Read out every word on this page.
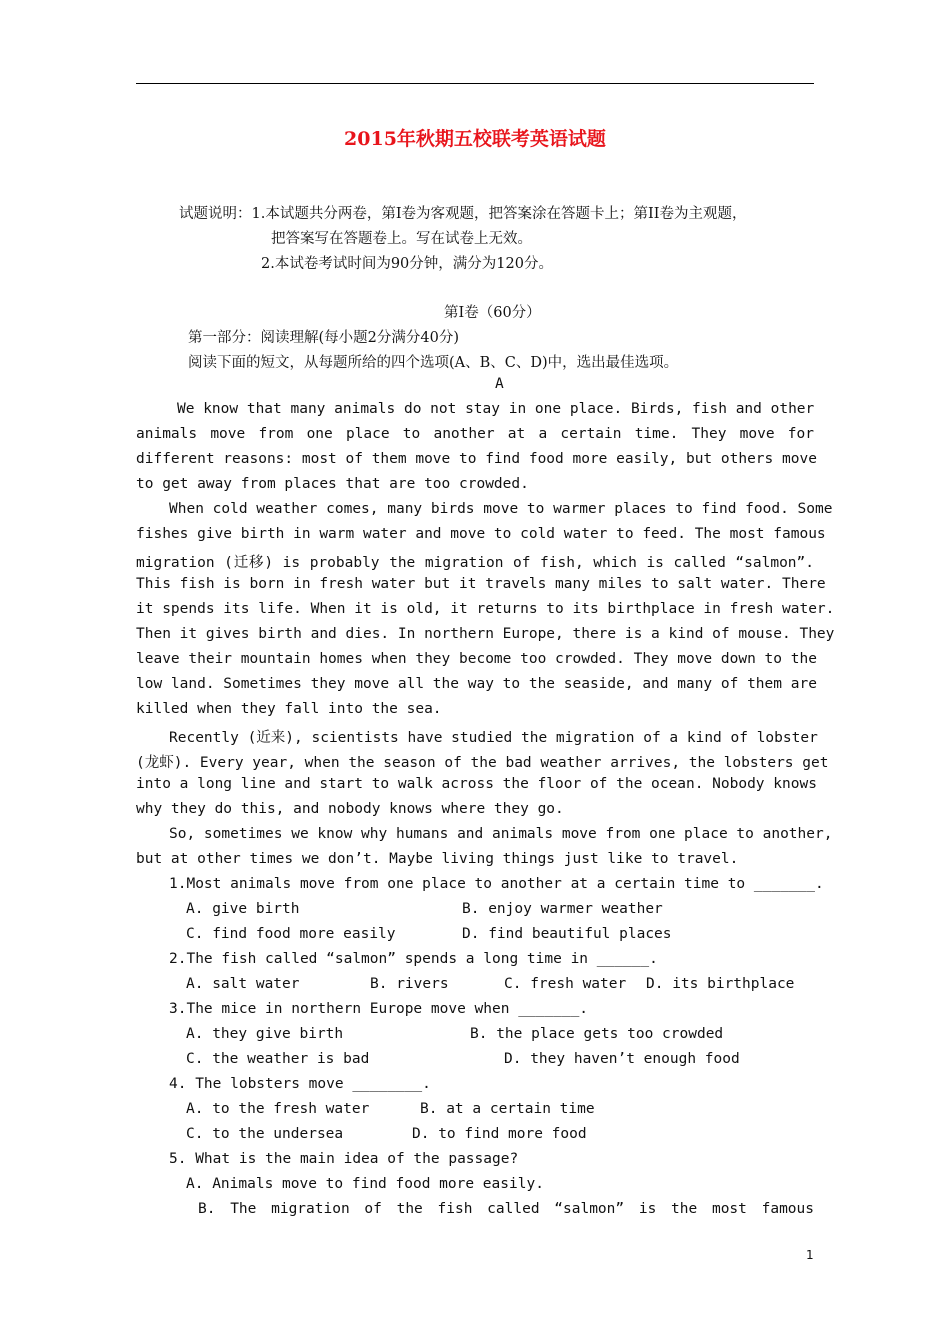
2015年秋期五校联考英语试题
试题说明：1.本试题共分两卷，第Ⅰ卷为客观题，把答案涂在答题卡上；第II卷为主观题，
把答案写在答题卷上。写在试卷上无效。
2.本试卷考试时间为90分钟，满分为120分。
第Ⅰ卷（60分）
第一部分：阅读理解(每小题2分满分40分)
阅读下面的短文，从每题所给的四个选项(A、B、C、D)中，选出最佳选项。
A
We know that many animals do not stay in one place. Birds, fish and other
animals move from one place to another at a certain time. They move for
different reasons: most of them move to find food more easily, but others move
to get away from places that are too crowded.
When cold weather comes, many birds move to warmer places to find food. Some
fishes give birth in warm water and move to cold water to feed. The most famous
migration (迁移) is probably the migration of fish, which is called “salmon”.
This fish is born in fresh water but it travels many miles to salt water. There
it spends its life. When it is old, it returns to its birthplace in fresh water.
Then it gives birth and dies. In northern Europe, there is a kind of mouse. They
leave their mountain homes when they become too crowded. They move down to the
low land. Sometimes they move all the way to the seaside, and many of them are
killed when they fall into the sea.
Recently (近来), scientists have studied the migration of a kind of lobster
(龙虾). Every year, when the season of the bad weather arrives, the lobsters get
into a long line and start to walk across the floor of the ocean. Nobody knows
why they do this, and nobody knows where they go.
So, sometimes we know why humans and animals move from one place to another,
but at other times we don’t. Maybe living things just like to travel.
1.Most animals move from one place to another at a certain time to _______.
A. give birth	B. enjoy warmer weather
C. find food more easily	D. find beautiful places
2.The fish called “salmon” spends a long time in ______.
A. salt water	B. rivers	C. fresh water D. its birthplace
3.The mice in northern Europe move when _______.
A. they give birth	B. the place gets too crowded
C. the weather is bad	D. they haven’t enough food
4. The lobsters move ________.
A. to the fresh water	B. at a certain time
C. to the undersea	D. to find more food
5. What is the main idea of the passage?
A. Animals move to find food more easily.
B. The migration of the fish called “salmon” is the most famous
1
